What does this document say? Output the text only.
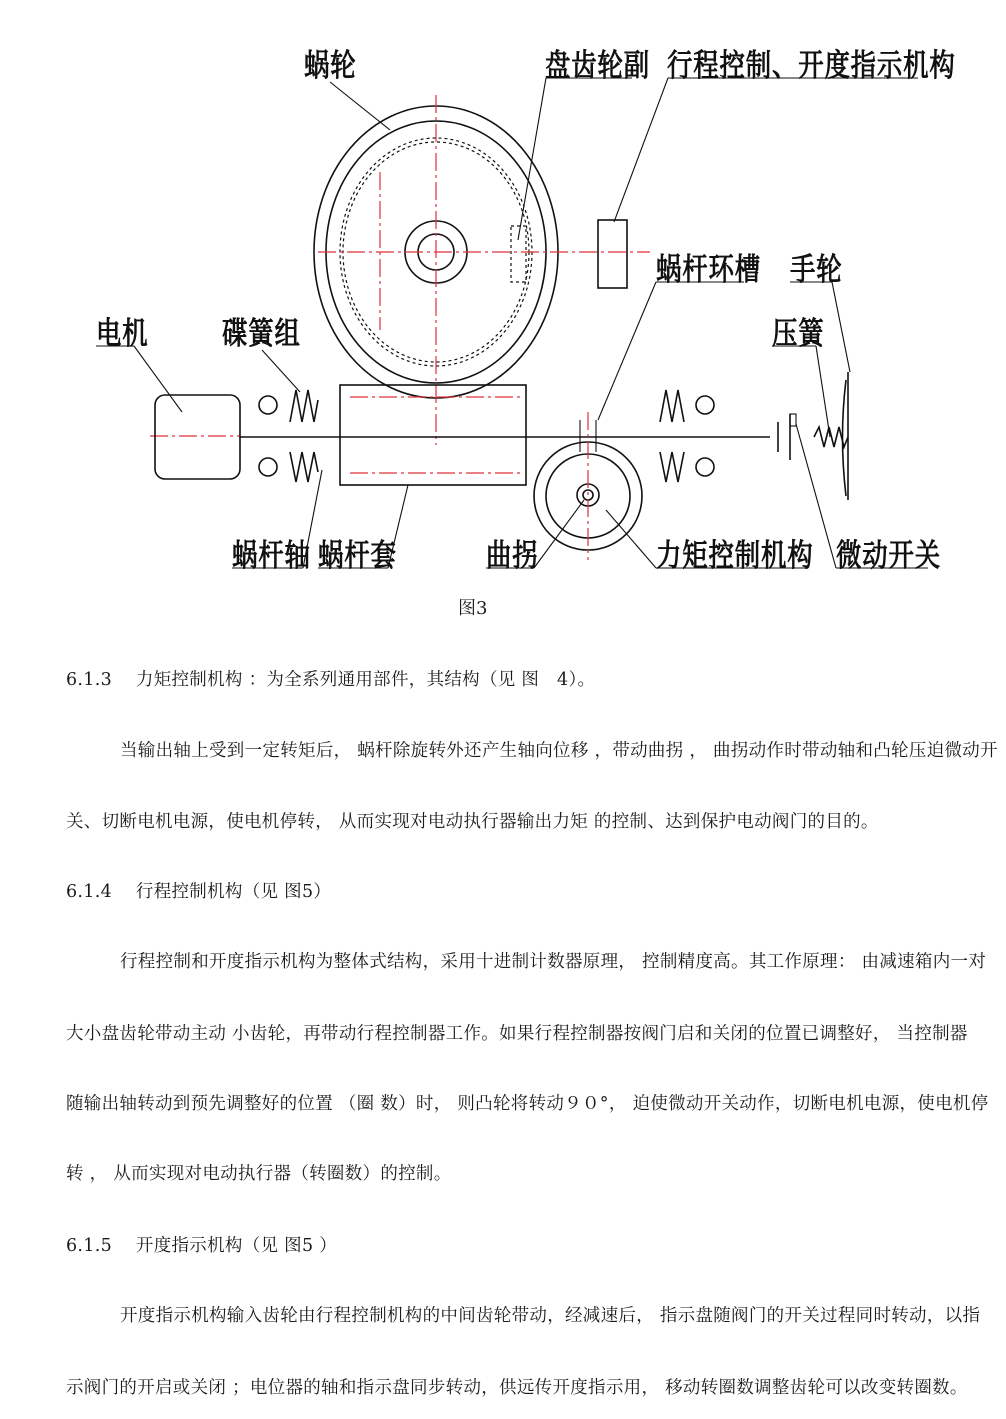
蜗轮	盘齿轮副 行程控制、开度指示机构
蜗杆环槽 手轮
电机 碟簧组	压簧
蜗杆轴 蜗杆套	曲拐	力矩控制机构 微动开关
图3
6.1.3 力矩控制机构 ：为全系列通用部件，其结构（见 图　4）。
当输出轴上受到一定转矩后， 蜗杆除旋转外还产生轴向位移 ，带动曲拐 ， 曲拐动作时带动轴和凸轮压迫微动开
关、切断电机电源，使电机停转， 从而实现对电动执行器输出力矩 的控制、达到保护电动阀门的目的。
6.1.4 行程控制机构（见 图5）
行程控制和开度指示机构为整体式结构，采用十进制计数器原理， 控制精度高。其工作原理： 由减速箱内一对
大小盘齿轮带动主动 小齿轮，再带动行程控制器工作。如果行程控制器按阀门启和关闭的位置已调整好， 当控制器
随输出轴转动到预先调整好的位置 （圈 数）时， 则凸轮将转动９０°， 迫使微动开关动作，切断电机电源，使电机停
转 ， 从而实现对电动执行器（转圈数）的控制。
6.1.5 开度指示机构（见 图5 ）
开度指示机构输入齿轮由行程控制机构的中间齿轮带动，经减速后， 指示盘随阀门的开关过程同时转动，以指
示阀门的开启或关闭 ；电位器的轴和指示盘同步转动，供远传开度指示用， 移动转圈数调整齿轮可以改变转圈数。
